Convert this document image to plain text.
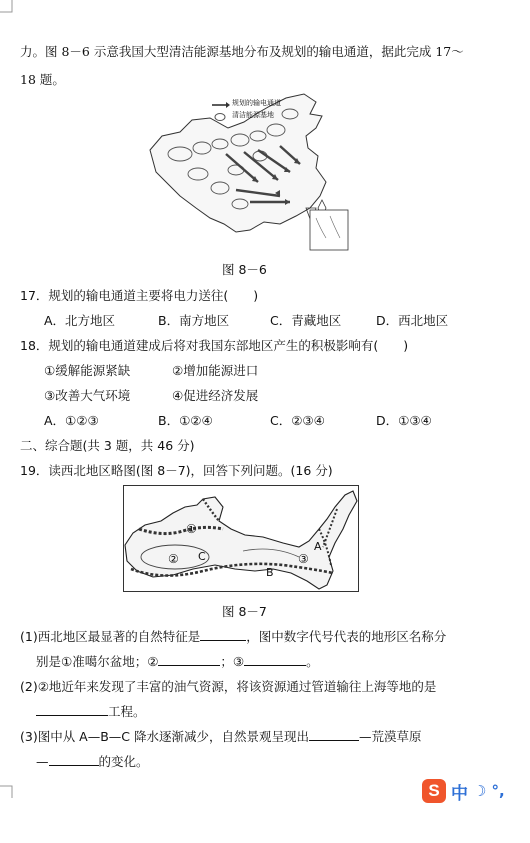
力。图 8－6 示意我国大型清洁能源基地分布及规划的输电通道，据此完成 17～
18 题。
规划的输电通道
清洁能源基地
图 8－6
17．规划的输电通道主要将电力送往(　　)
A．北方地区	B．南方地区	C．青藏地区	D．西北地区
18．规划的输电通道建成后将对我国东部地区产生的积极影响有(　　)
①缓解能源紧缺	②增加能源进口
③改善大气环境	④促进经济发展
A．①②③	B．①②④	C．②③④	D．①③④
二、综合题(共 3 题，共 46 分)
19．读西北地区略图(图 8－7)，回答下列问题。(16 分)
①
② C	③
A
B
图 8－7
(1)西北地区最显著的自然特征是	，图中数字代号代表的地形区名称分
别是①准噶尔盆地；②	；③	。
(2)②地近年来发现了丰富的油气资源，将该资源通过管道输往上海等地的是
工程。
(3)图中从 A—B—C 降水逐渐减少，自然景观呈现出	—荒漠草原
—	的变化。
S 中 ☽ °,
